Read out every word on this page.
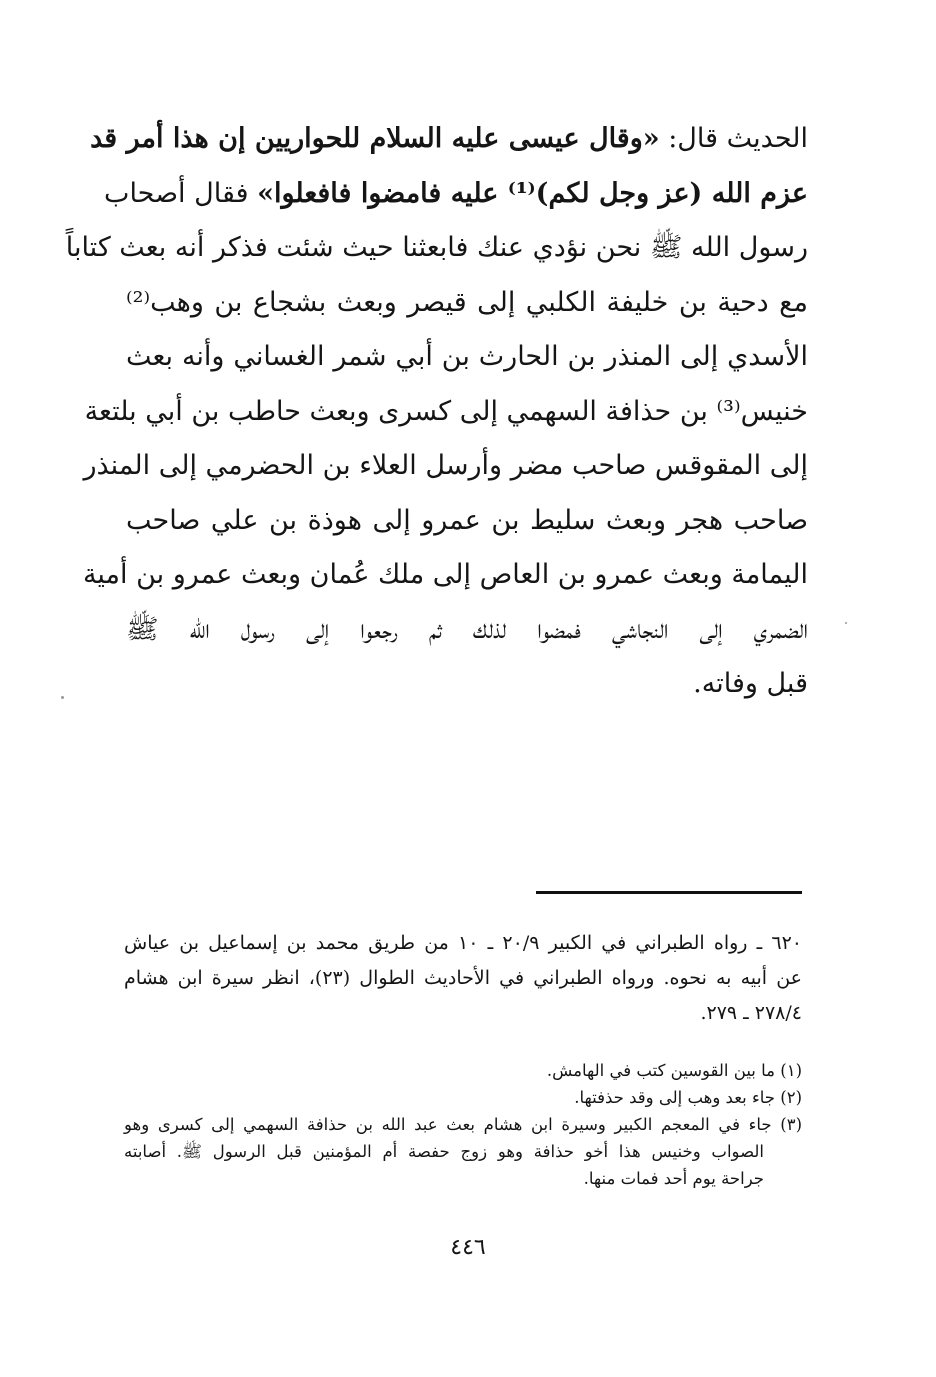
الحديث قال: «وقال عيسى عليه السلام للحواريين إن هذا أمر قد
عزم الله (عز وجل لكم)⁽¹⁾ عليه فامضوا فافعلوا» فقال أصحاب
رسول الله ﷺ نحن نؤدي عنك فابعثنا حيث شئت فذكر أنه بعث كتاباً
مع دحية بن خليفة الكلبي إلى قيصر وبعث بشجاع بن وهب⁽²⁾
الأسدي إلى المنذر بن الحارث بن أبي شمر الغساني وأنه بعث
خنيس⁽³⁾ بن حذافة السهمي إلى كسرى وبعث حاطب بن أبي بلتعة
إلى المقوقس صاحب مضر وأرسل العلاء بن الحضرمي إلى المنذر
صاحب هجر وبعث سليط بن عمرو إلى هوذة بن علي صاحب
اليمامة وبعث عمرو بن العاص إلى ملك عُمان وبعث عمرو بن أمية
الضمري إلى النجاشي فمضوا لذلك ثم رجعوا إلى رسول الله ﷺ
قبل وفاته.
٦٢٠ ـ رواه الطبراني في الكبير ٢٠/٩ ـ ١٠ من طريق محمد بن إسماعيل بن عياش
عن أبيه به نحوه. ورواه الطبراني في الأحاديث الطوال (٢٣)، انظر سيرة ابن هشام
٢٧٨/٤ ـ ٢٧٩.
(١) ما بين القوسين كتب في الهامش.
(٢) جاء بعد وهب إلى وقد حذفتها.
(٣) جاء في المعجم الكبير وسيرة ابن هشام بعث عبد الله بن حذافة السهمي إلى كسرى وهو
الصواب وخنيس هذا أخو حذافة وهو زوج حفصة أم المؤمنين قبل الرسول ﷺ. أصابته
جراحة يوم أحد فمات منها.
٤٤٦
